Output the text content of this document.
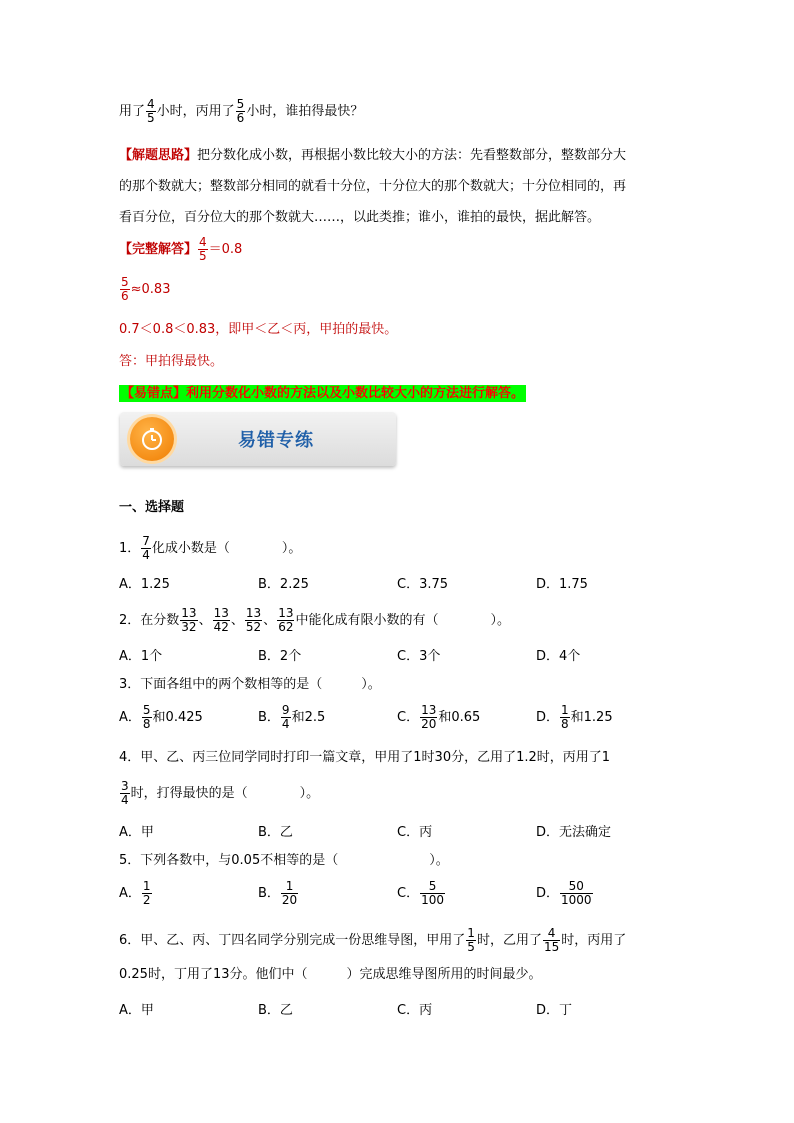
用了 $\frac{4}{5}$ 小时，丙用了 $\frac{5}{6}$ 小时，谁拍得最快？
【解题思路】把分数化成小数，再根据小数比较大小的方法：先看整数部分，整数部分大
的那个数就大；整数部分相同的就看十分位，十分位大的那个数就大；十分位相同的，再
看百分位，百分位大的那个数就大……，以此类推；谁小，谁拍的最快，据此解答。
【完整解答】 $\frac{4}{5} =0.8$
$\frac{5}{6} \approx 0.83$
0.7＜0.8＜0.83，即甲＜乙＜丙，甲拍的最快。
答：甲拍得最快。
【易错点】利用分数化小数的方法以及小数比较大小的方法进行解答。
易错专练
一、选择题
1． $\frac{7}{4}$ 化成小数是（　　　　）。
A．1.25	B．2.25	C．3.75	D．1.75
2．在分数 $\frac{13}{32}$ 、 $\frac{13}{42}$ 、 $\frac{13}{52}$ 、 $\frac{13}{62}$ 中能化成有限小数的有（　　　　）。
A．1个	B．2个	C．3个	D．4个
3．下面各组中的两个数相等的是（　　　）。
A． $\frac{5}{8}$ 和0.425	B． $\frac{9}{4}$ 和2.5	C． $\frac{13}{20}$ 和0.65	D． $\frac{1}{8}$ 和1.25
4．甲、乙、丙三位同学同时打印一篇文章，甲用了1时30分，乙用了1.2时，丙用了1
$\frac{3}{4}$ 时，打得最快的是（　　　　）。
A．甲	B．乙	C．丙	D．无法确定
5．下列各数中，与0.05不相等的是（　　　　　　　）。
A． $\frac{1}{2}$	B． $\frac{1}{20}$	C． $\frac{5}{100}$	D． $\frac{50}{1000}$
6．甲、乙、丙、丁四名同学分别完成一份思维导图，甲用了 $\frac{1}{5}$ 时，乙用了 $\frac{4}{15}$ 时，丙用了
0.25时，丁用了13分。他们中（　　　）完成思维导图所用的时间最少。
A．甲	B．乙	C．丙	D．丁
